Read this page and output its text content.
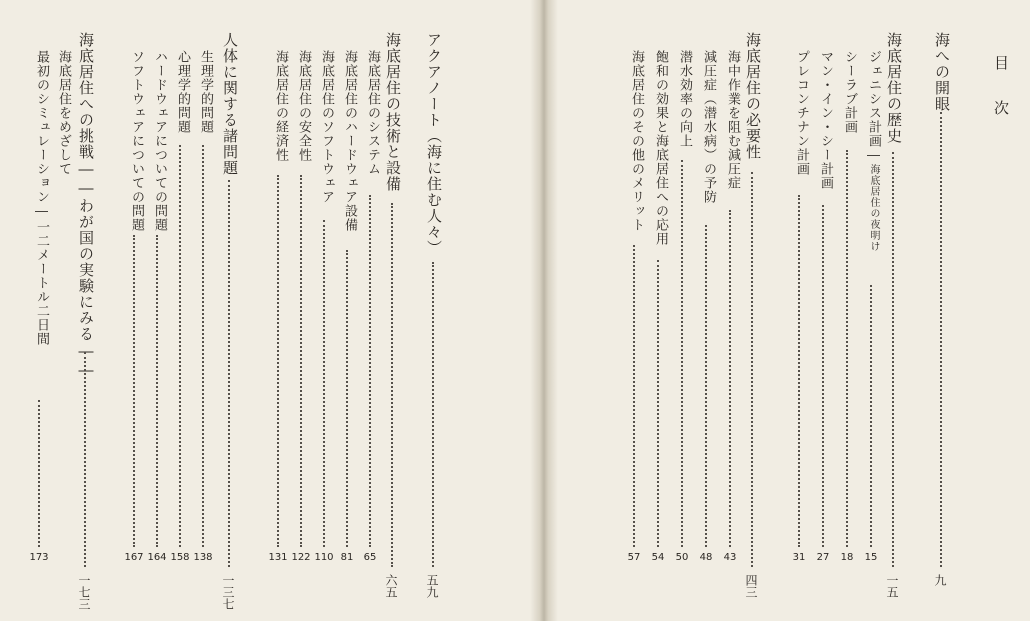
目
次
海への開眼
九
海底居住の歴史
一五
ジェニシス計画―海底居住の夜明け
15
シーラブ計画
18
マン・イン・シー計画
27
プレコンチナン計画
31
海底居住の必要性
四三
海中作業を阻む減圧症
43
減圧症（潜水病）の予防
48
潜水効率の向上
50
飽和の効果と海底居住への応用
54
海底居住のその他のメリット
57
アクアノート（海に住む人々）
五九
海底居住の技術と設備
六五
海底居住のシステム
65
海底居住のハードウェア設備
81
海底居住のソフトウェア
110
海底居住の安全性
122
海底居住の経済性
131
人体に関する諸問題
一三七
生理学的問題
138
心理学的問題
158
ハードウェアについての問題
164
ソフトウェアについての問題
167
海底居住への挑戦――わが国の実験にみる――
一七三
海底居住をめざして
最初のシミュレーション―一二メートル二日間
173
